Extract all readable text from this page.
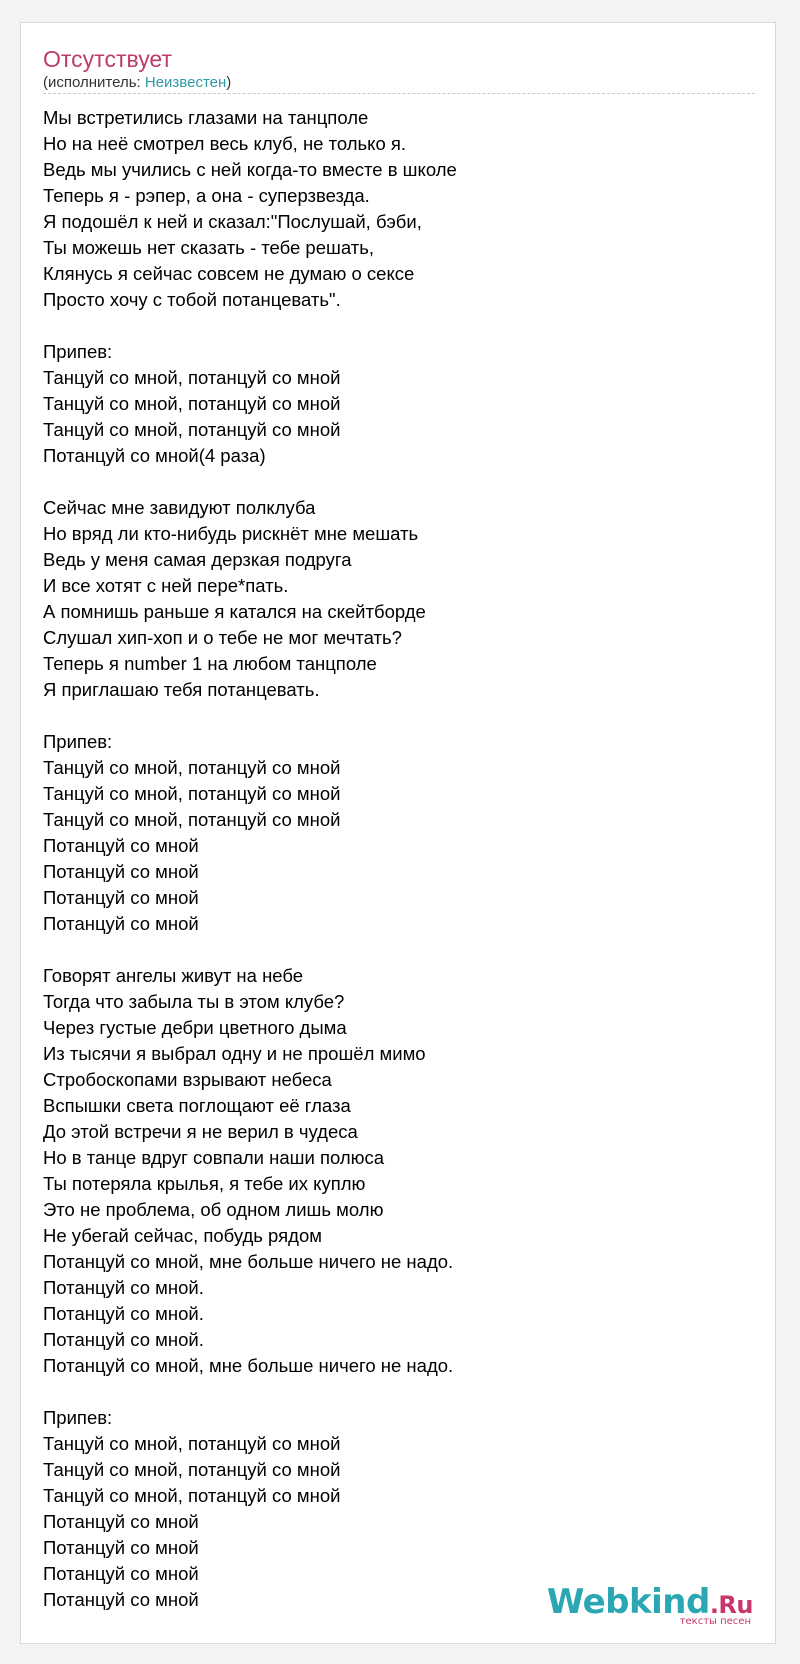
Отсутствует
(исполнитель: Неизвестен)
Мы встретились глазами на танцполе
Но на неё смотрел весь клуб, не только я.
Ведь мы учились с ней когда-то вместе в школе
Теперь я - рэпер, а она - суперзвезда.
Я подошёл к ней и сказал:"Послушай, бэби,
Ты можешь нет сказать - тебе решать,
Клянусь я сейчас совсем не думаю о сексе
Просто хочу с тобой потанцевать".
Припев:
Танцуй со мной, потанцуй со мной
Танцуй со мной, потанцуй со мной
Танцуй со мной, потанцуй со мной
Потанцуй со мной(4 раза)
Сейчас мне завидуют полклуба
Но вряд ли кто-нибудь рискнёт мне мешать
Ведь у меня самая дерзкая подруга
И все хотят с ней пере*пать.
А помнишь раньше я катался на скейтборде
Слушал хип-хоп и о тебе не мог мечтать?
Теперь я number 1 на любом танцполе
Я приглашаю тебя потанцевать.
Припев:
Танцуй со мной, потанцуй со мной
Танцуй со мной, потанцуй со мной
Танцуй со мной, потанцуй со мной
Потанцуй со мной
Потанцуй со мной
Потанцуй со мной
Потанцуй со мной
Говорят ангелы живут на небе
Тогда что забыла ты в этом клубе?
Через густые дебри цветного дыма
Из тысячи я выбрал одну и не прошёл мимо
Стробоскопами взрывают небеса
Вспышки света поглощают её глаза
До этой встречи я не верил в чудеса
Но в танце вдруг совпали наши полюса
Ты потеряла крылья, я тебе их куплю
Это не проблема, об одном лишь молю
Не убегай сейчас, побудь рядом
Потанцуй со мной, мне больше ничего не надо.
Потанцуй со мной.
Потанцуй со мной.
Потанцуй со мной.
Потанцуй со мной, мне больше ничего не надо.
Припев:
Танцуй со мной, потанцуй со мной
Танцуй со мной, потанцуй со мной
Танцуй со мной, потанцуй со мной
Потанцуй со мной
Потанцуй со мной
Потанцуй со мной
Потанцуй со мной	Webkind.Ru
тексты песен
